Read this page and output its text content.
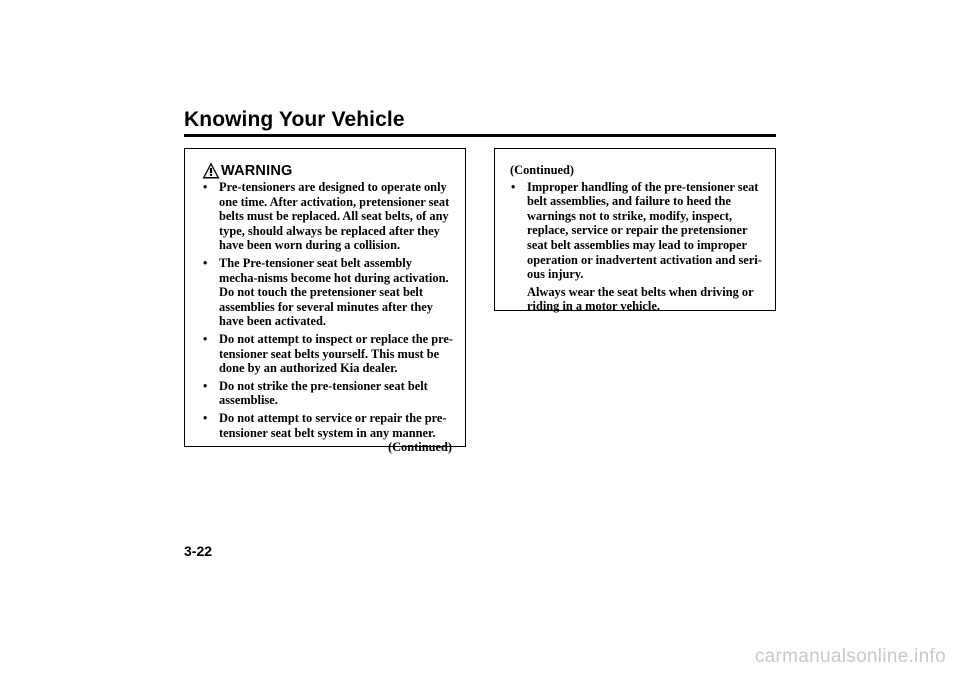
Knowing Your Vehicle
WARNING
• Pre-tensioners are designed to operate only one time. After activation, pretensioner seat belts must be replaced. All seat belts, of any type, should always be replaced after they have been worn during a collision.
• The Pre-tensioner seat belt assembly mecha-nisms become hot during activation. Do not touch the pretensioner seat belt assemblies for several minutes after they have been activated.
• Do not attempt to inspect or replace the pre-tensioner seat belts yourself. This must be done by an authorized Kia dealer.
• Do not strike the pre-tensioner seat belt assemblise.
• Do not attempt to service or repair the pre-tensioner seat belt system in any manner.
(Continued)
(Continued)
• Improper handling of the pre-tensioner seat belt assemblies, and failure to heed the warnings not to strike, modify, inspect, replace, service or repair the pretensioner seat belt assemblies may lead to improper operation or inadvertent activation and seri-ous injury.
Always wear the seat belts when driving or riding in a motor vehicle.
3-22
carmanualsonline.info
